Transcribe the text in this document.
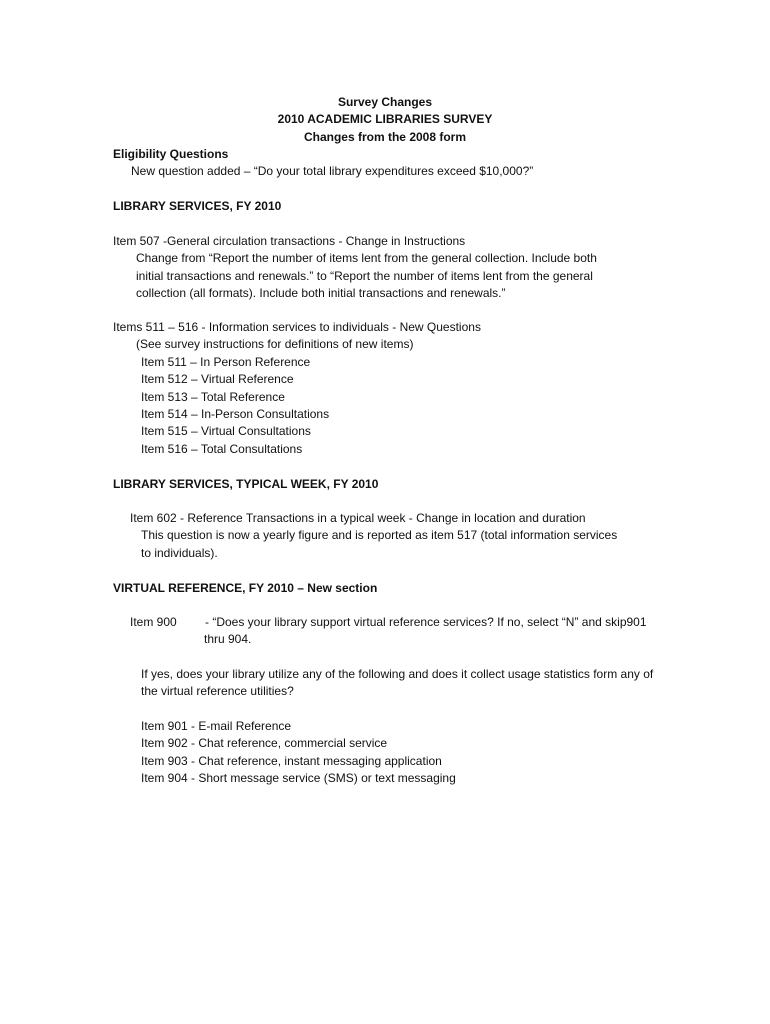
Survey Changes
2010 ACADEMIC LIBRARIES SURVEY
Changes from the 2008 form
Eligibility Questions
New question added – “Do your total library expenditures exceed $10,000?”
LIBRARY SERVICES, FY 2010
Item 507 -General circulation transactions - Change in Instructions
Change from “Report the number of items lent from the general collection. Include both
initial transactions and renewals.” to “Report the number of items lent from the general
collection (all formats). Include both initial transactions and renewals.”
Items 511 – 516 - Information services to individuals - New Questions
(See survey instructions for definitions of new items)
Item 511 – In Person Reference
Item 512 – Virtual Reference
Item 513 – Total Reference
Item 514 – In-Person Consultations
Item 515 – Virtual Consultations
Item 516 – Total Consultations
LIBRARY SERVICES, TYPICAL WEEK, FY 2010
Item 602 - Reference Transactions in a typical week - Change in location and duration
This question is now a yearly figure and is reported as item 517 (total information services
to individuals).
VIRTUAL REFERENCE, FY 2010 – New section
Item 900 - “Does your library support virtual reference services? If no, select “N” and skip901
thru 904.
If yes, does your library utilize any of the following and does it collect usage statistics form any of
the virtual reference utilities?
Item 901 - E-mail Reference
Item 902 - Chat reference, commercial service
Item 903 - Chat reference, instant messaging application
Item 904 - Short message service (SMS) or text messaging
